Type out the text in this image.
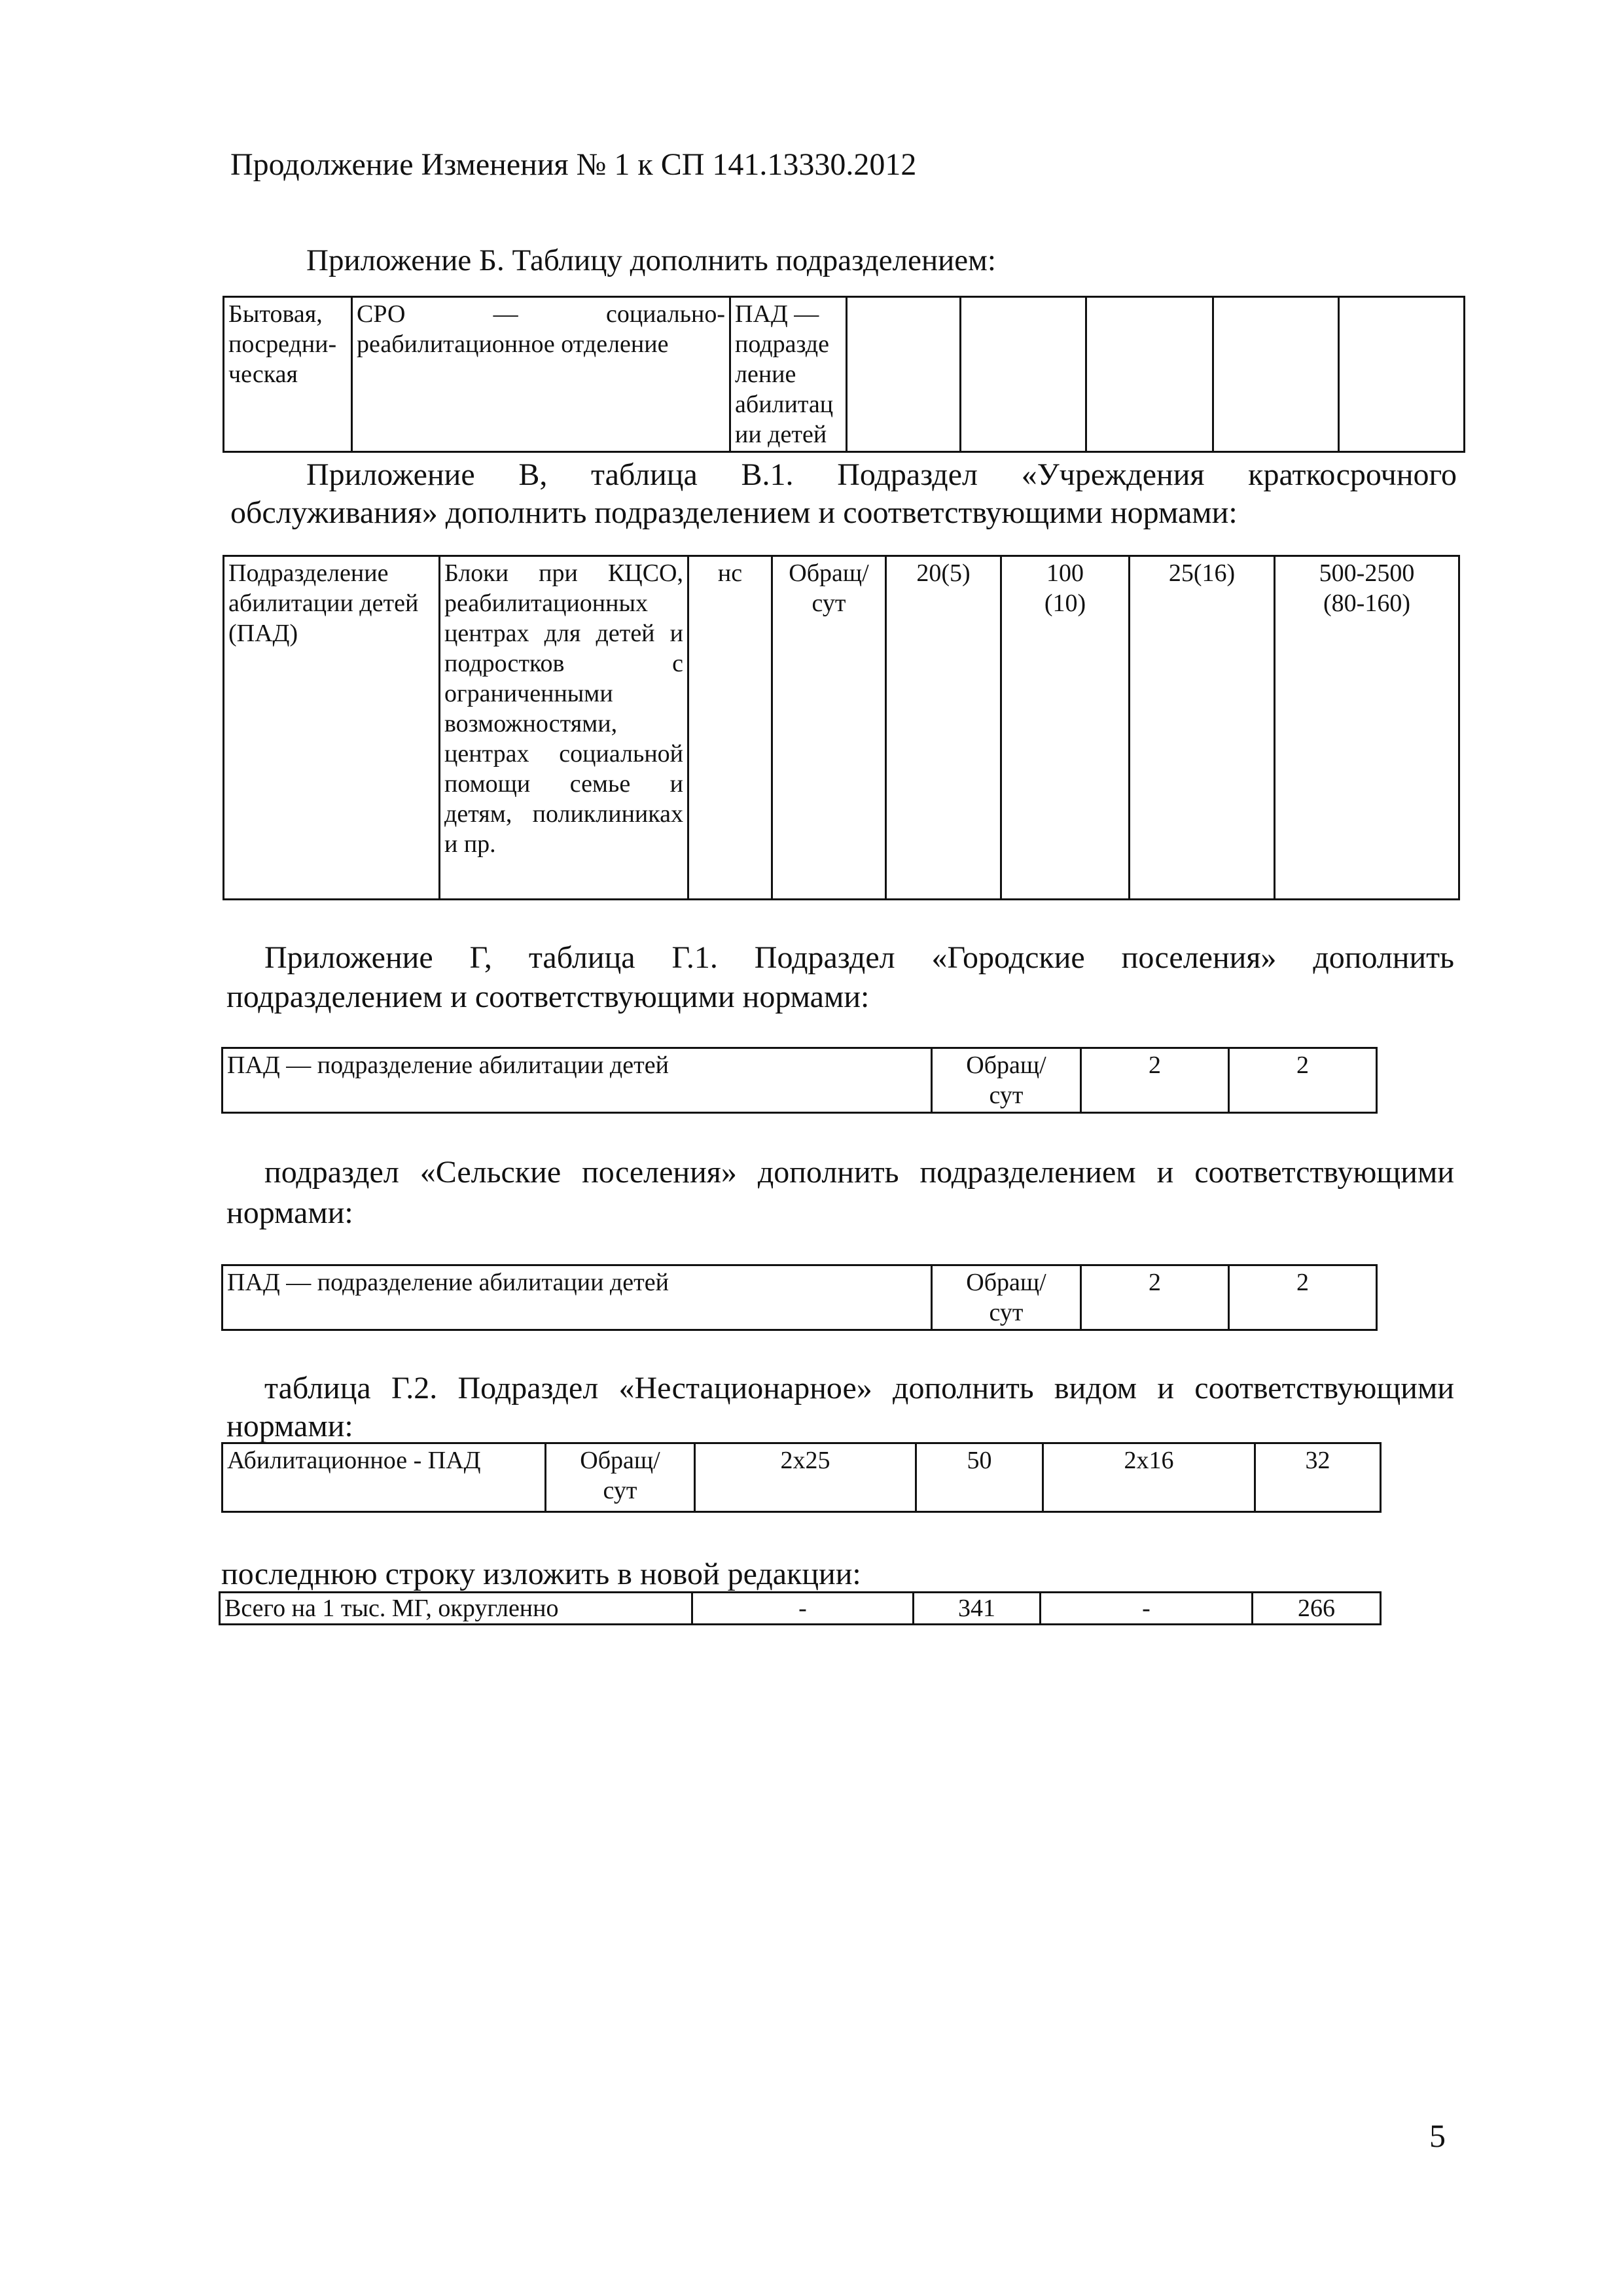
Продолжение Изменения № 1 к СП 141.13330.2012
Приложение Б. Таблицу дополнить подразделением:
Бытовая,
посредни-
ческая	СРО — социально-реабилитационное отделение	ПАД —
подразде
ление
абилитац
ии детей					
Приложение В, таблица В.1. Подраздел «Учреждения краткосрочного
обслуживания» дополнить подразделением и соответствующими нормами:
Подразделение абилитации детей (ПАД)	Блоки при КЦСО, реабилитационных центрах для детей и подростков с ограниченными возможностями, центрах социальной помощи семье и детям, поликлиниках и пр.	нс	Обращ/
сут	20(5)	100
(10)	25(16)	500-2500
(80-160)
Приложение Г, таблица Г.1. Подраздел «Городские поселения» дополнить
подразделением и соответствующими нормами:
ПАД — подразделение абилитации детей	Обращ/
сут	2	2
подраздел «Сельские поселения» дополнить подразделением и соответствующими
нормами:
ПАД — подразделение абилитации детей	Обращ/
сут	2	2
таблица Г.2. Подраздел «Нестационарное» дополнить видом и соответствующими
нормами:
Абилитационное - ПАД	Обращ/
сут	2х25	50	2х16	32
последнюю строку изложить в новой редакции:
Всего на 1 тыс. МГ, округленно	-	341	-	266
5
